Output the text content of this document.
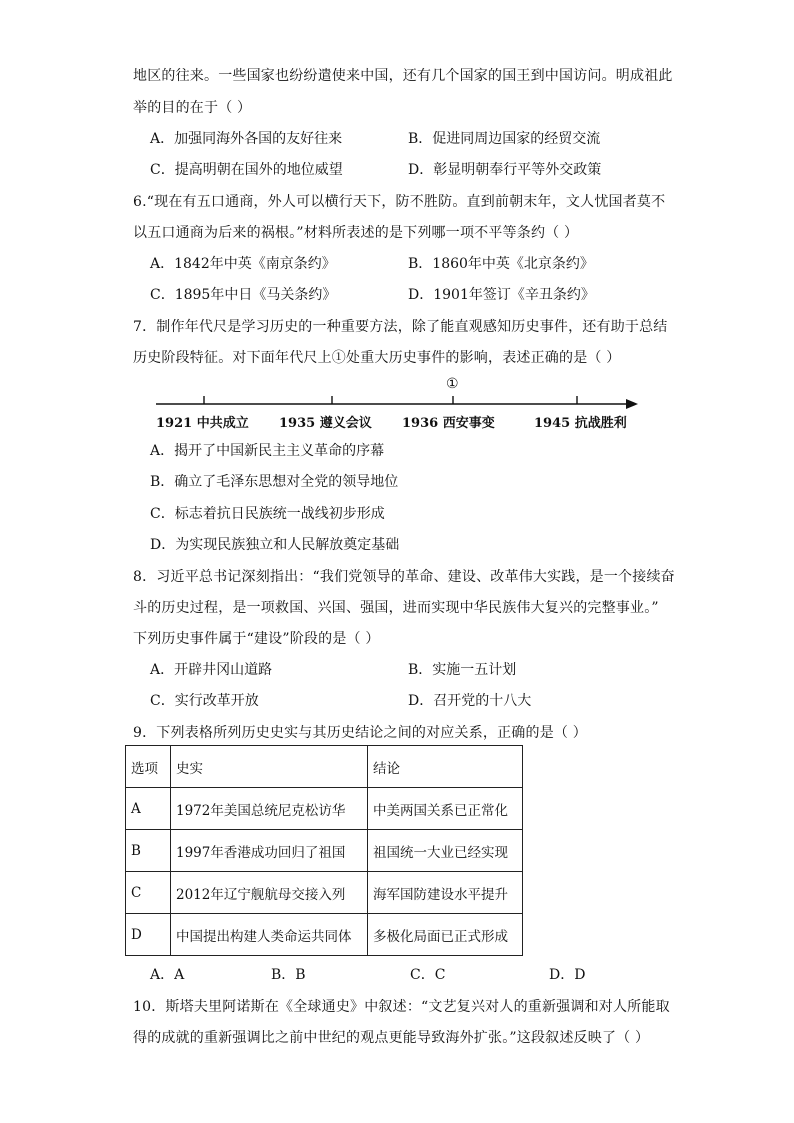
地区的往来。一些国家也纷纷遣使来中国，还有几个国家的国王到中国访问。明成祖此
举的目的在于（ ）
A．加强同海外各国的友好往来	B．促进同周边国家的经贸交流
C．提高明朝在国外的地位威望	D．彰显明朝奉行平等外交政策
6.“现在有五口通商，外人可以横行天下，防不胜防。直到前朝末年，文人忧国者莫不
以五口通商为后来的祸根。”材料所表述的是下列哪一项不平等条约（ ）
A．1842年中英《南京条约》	B．1860年中英《北京条约》
C．1895年中日《马关条约》	D．1901年签订《辛丑条约》
7．制作年代尺是学习历史的一种重要方法，除了能直观感知历史事件，还有助于总结
历史阶段特征。对下面年代尺上①处重大历史事件的影响，表述正确的是（ ）
①
1921 中共成立 1935 遵义会议 1936 西安事变	1945 抗战胜利
A．揭开了中国新民主主义革命的序幕
B．确立了毛泽东思想对全党的领导地位
C．标志着抗日民族统一战线初步形成
D．为实现民族独立和人民解放奠定基础
8．习近平总书记深刻指出：“我们党领导的革命、建设、改革伟大实践，是一个接续奋
斗的历史过程，是一项救国、兴国、强国，进而实现中华民族伟大复兴的完整事业。”
下列历史事件属于“建设”阶段的是（ ）
A．开辟井冈山道路	B．实施一五计划
C．实行改革开放	D．召开党的十八大
9．下列表格所列历史史实与其历史结论之间的对应关系，正确的是（ ）
选项	史实	结论
A	1972年美国总统尼克松访华	中美两国关系已正常化
B	1997年香港成功回归了祖国	祖国统一大业已经实现
C	2012年辽宁舰航母交接入列	海军国防建设水平提升
D	中国提出构建人类命运共同体	多极化局面已正式形成
A．A	B．B	C．C	D．D
10．斯塔夫里阿诺斯在《全球通史》中叙述：“文艺复兴对人的重新强调和对人所能取
得的成就的重新强调比之前中世纪的观点更能导致海外扩张。”这段叙述反映了（ ）
